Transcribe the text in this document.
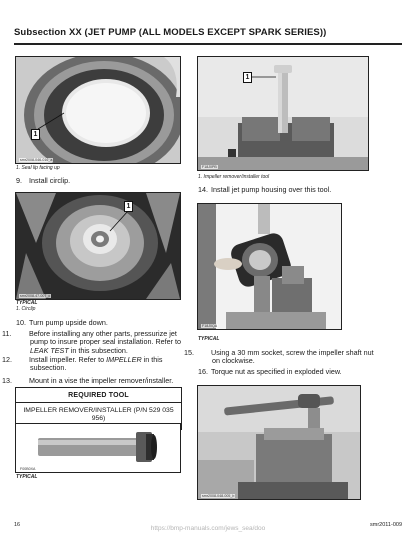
Subsection XX (JET PUMP (ALL MODELS EXCEPT SPARK SERIES))
1
smr2008-046-016_a
1. Seal lip facing up
9. Install circlip.
1
smr2008-47-007_c
TYPICAL
1. Circlip
10. Turn pump upside down.
11. Before installing any other parts, pressurize jet pump to insure proper seal installation. Refer to LEAK TEST in this subsection.
12. Install impeller. Refer to IMPELLER in this subsection.
13. Mount in a vise the impeller remover/installer.
REQUIRED TOOL
IMPELLER REMOVER/INSTALLER (P/N 529 035 956)
F00B0XA
TYPICAL
1
F18J0PB
1. Impeller remover/installer tool
14. Install jet pump housing over this tool.
F18J0QA
TYPICAL
15. Using a 30 mm socket, screw the impeller shaft nut on clockwise.
16. Torque nut as specified in exploded view.
smr2008-048-005_b
16	https://bmp-manuals.com/jews_sea/doo	smr2011-009
